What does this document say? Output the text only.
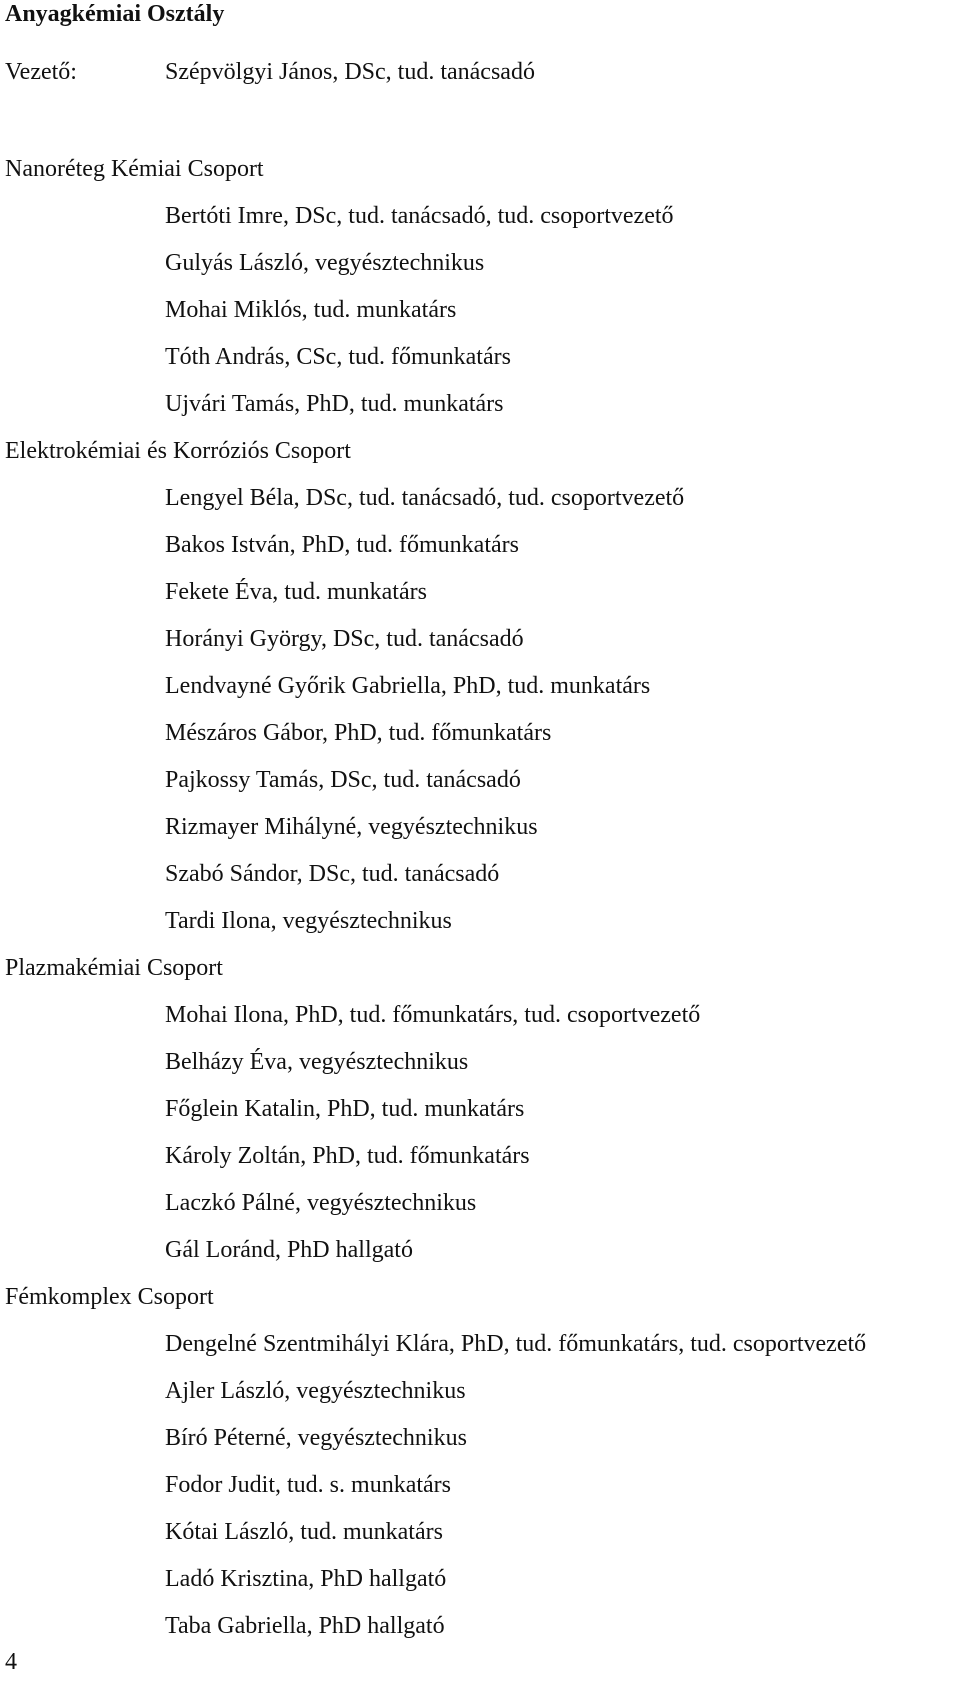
Anyagkémiai Osztály
Vezető:	Szépvölgyi János, DSc, tud. tanácsadó
Nanoréteg Kémiai Csoport
Bertóti Imre, DSc, tud. tanácsadó, tud. csoportvezető
Gulyás László, vegyésztechnikus
Mohai Miklós, tud. munkatárs
Tóth András, CSc, tud. főmunkatárs
Ujvári Tamás, PhD, tud. munkatárs
Elektrokémiai és Korróziós Csoport
Lengyel Béla, DSc, tud. tanácsadó, tud. csoportvezető
Bakos István, PhD, tud. főmunkatárs
Fekete Éva, tud. munkatárs
Horányi György, DSc, tud. tanácsadó
Lendvayné Győrik Gabriella, PhD, tud. munkatárs
Mészáros Gábor, PhD, tud. főmunkatárs
Pajkossy Tamás, DSc, tud. tanácsadó
Rizmayer Mihályné, vegyésztechnikus
Szabó Sándor, DSc, tud. tanácsadó
Tardi Ilona, vegyésztechnikus
Plazmakémiai Csoport
Mohai Ilona, PhD, tud. főmunkatárs, tud. csoportvezető
Belházy Éva, vegyésztechnikus
Főglein Katalin, PhD, tud. munkatárs
Károly Zoltán, PhD, tud. főmunkatárs
Laczkó Pálné, vegyésztechnikus
Gál Loránd, PhD hallgató
Fémkomplex Csoport
Dengelné Szentmihályi Klára, PhD, tud. főmunkatárs, tud. csoportvezető
Ajler László, vegyésztechnikus
Bíró Péterné, vegyésztechnikus
Fodor Judit, tud. s. munkatárs
Kótai László, tud. munkatárs
Ladó Krisztina, PhD hallgató
Taba Gabriella, PhD hallgató
4
